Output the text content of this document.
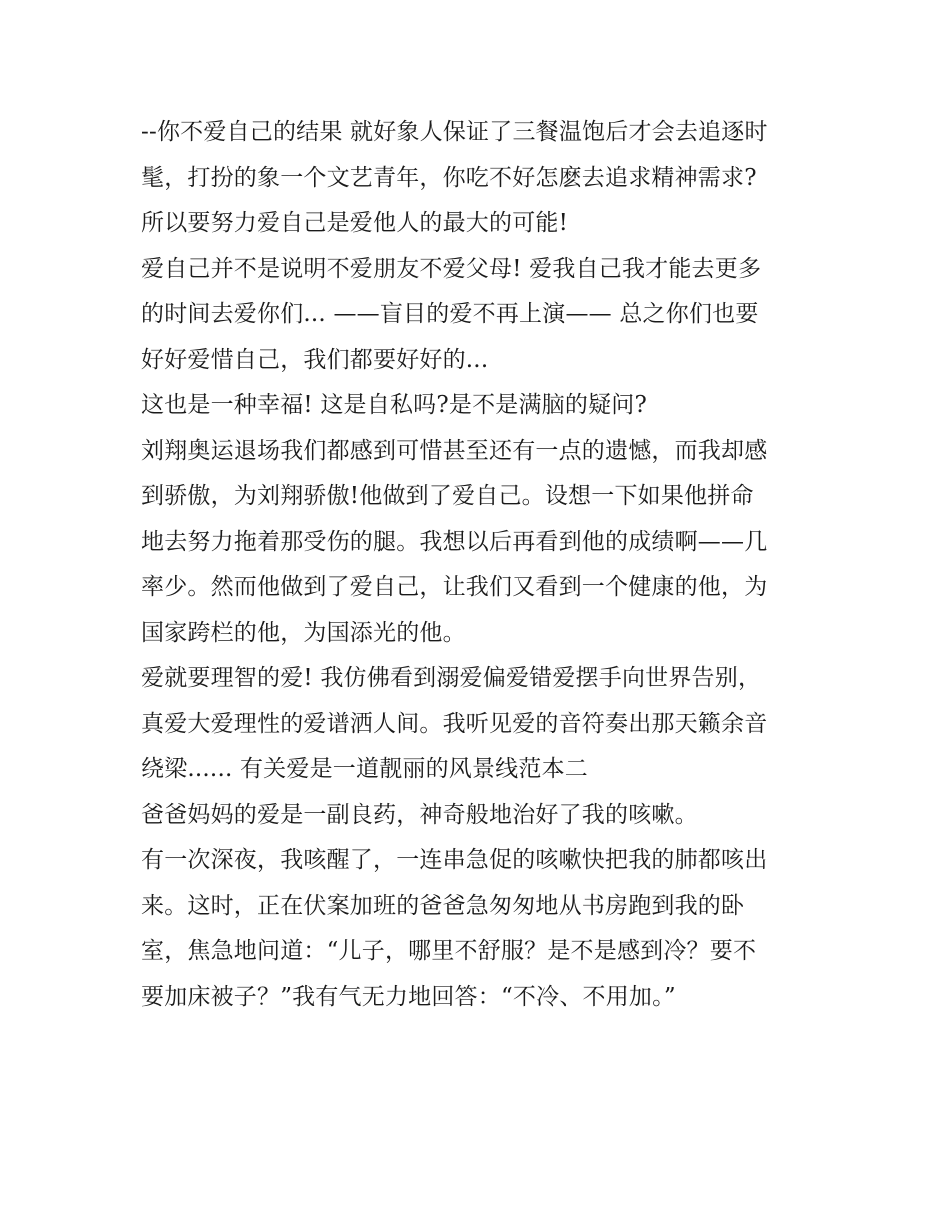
--你不爱自己的结果 就好象人保证了三餐温饱后才会去追逐时
髦，打扮的象一个文艺青年，你吃不好怎麽去追求精神需求?
所以要努力爱自己是爱他人的最大的可能!
爱自己并不是说明不爱朋友不爱父母! 爱我自己我才能去更多
的时间去爱你们... ——盲目的爱不再上演—— 总之你们也要
好好爱惜自己，我们都要好好的...
这也是一种幸福! 这是自私吗?是不是满脑的疑问?
刘翔奥运退场我们都感到可惜甚至还有一点的遗憾，而我却感
到骄傲，为刘翔骄傲!他做到了爱自己。设想一下如果他拼命
地去努力拖着那受伤的腿。我想以后再看到他的成绩啊——几
率少。然而他做到了爱自己，让我们又看到一个健康的他，为
国家跨栏的他，为国添光的他。
爱就要理智的爱! 我仿佛看到溺爱偏爱错爱摆手向世界告别，
真爱大爱理性的爱谱洒人间。我听见爱的音符奏出那天籁余音
绕梁...... 有关爱是一道靓丽的风景线范本二
爸爸妈妈的爱是一副良药，神奇般地治好了我的咳嗽。
有一次深夜，我咳醒了，一连串急促的咳嗽快把我的肺都咳出
来。这时，正在伏案加班的爸爸急匆匆地从书房跑到我的卧
室，焦急地问道：“儿子，哪里不舒服？是不是感到冷？要不
要加床被子？”我有气无力地回答：“不冷、不用加。”
